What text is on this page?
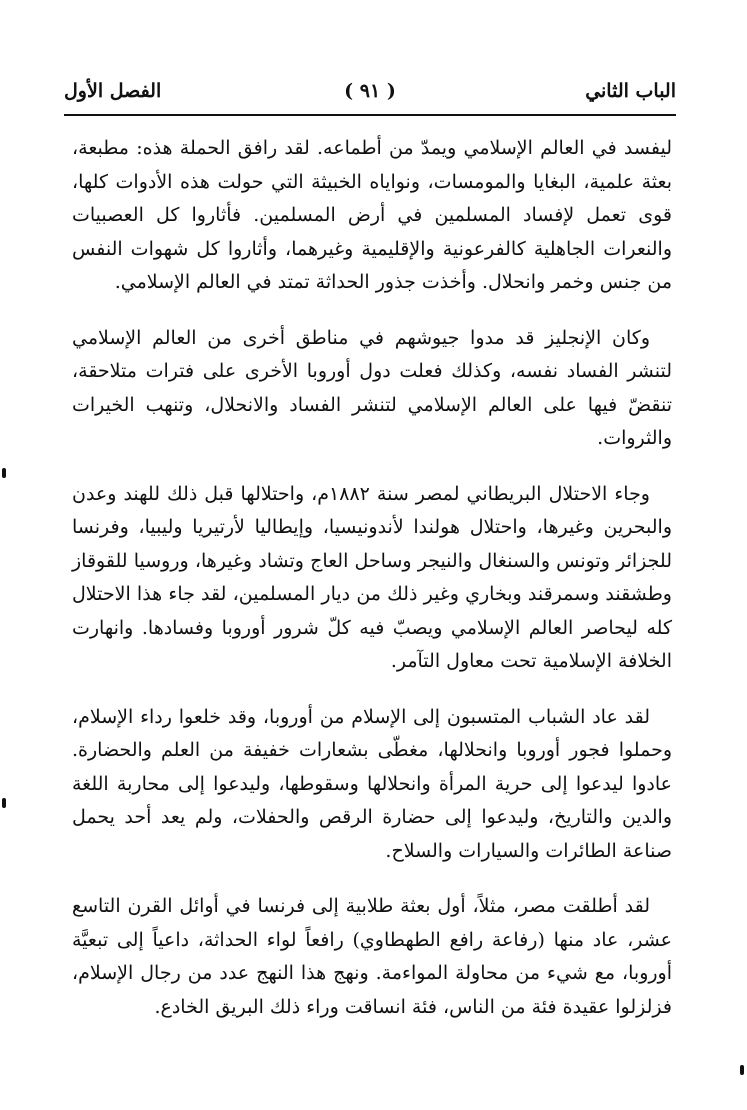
الباب الثاني
( ٩١ )
الفصل الأول

ليفسد في العالم الإسلامي ويمدّ من أطماعه. لقد رافق الحملة هذه: مطبعة، بعثة علمية، البغايا والمومسات، ونواياه الخبيثة التي حولت هذه الأدوات كلها، قوى تعمل لإفساد المسلمين في أرض المسلمين. فأثاروا كل العصبيات والنعرات الجاهلية كالفرعونية والإقليمية وغيرهما، وأثاروا كل شهوات النفس من جنس وخمر وانحلال. وأخذت جذور الحداثة تمتد في العالم الإسلامي.

وكان الإنجليز قد مدوا جيوشهم في مناطق أخرى من العالم الإسلامي لتنشر الفساد نفسه، وكذلك فعلت دول أوروبا الأخرى على فترات متلاحقة، تنقضّ فيها على العالم الإسلامي لتنشر الفساد والانحلال، وتنهب الخيرات والثروات.

وجاء الاحتلال البريطاني لمصر سنة ١٨٨٢م، واحتلالها قبل ذلك للهند وعدن والبحرين وغيرها، واحتلال هولندا لأندونيسيا، وإيطاليا لأرتيريا وليبيا، وفرنسا للجزائر وتونس والسنغال والنيجر وساحل العاج وتشاد وغيرها، وروسيا للقوقاز وطشقند وسمرقند وبخاري وغير ذلك من ديار المسلمين، لقد جاء هذا الاحتلال كله ليحاصر العالم الإسلامي ويصبّ فيه كلّ شرور أوروبا وفسادها. وانهارت الخلافة الإسلامية تحت معاول التآمر.

لقد عاد الشباب المتسبون إلى الإسلام من أوروبا، وقد خلعوا رداء الإسلام، وحملوا فجور أوروبا وانحلالها، مغطّى بشعارات خفيفة من العلم والحضارة. عادوا ليدعوا إلى حرية المرأة وانحلالها وسقوطها، وليدعوا إلى محاربة اللغة والدين والتاريخ، وليدعوا إلى حضارة الرقص والحفلات، ولم يعد أحد يحمل صناعة الطائرات والسيارات والسلاح.

لقد أطلقت مصر، مثلاً، أول بعثة طلابية إلى فرنسا في أوائل القرن التاسع عشر، عاد منها (رفاعة رافع الطهطاوي) رافعاً لواء الحداثة، داعياً إلى تبعيَّة أوروبا، مع شيء من محاولة المواءمة. ونهج هذا النهج عدد من رجال الإسلام، فزلزلوا عقيدة فئة من الناس، فئة انساقت وراء ذلك البريق الخادع.
